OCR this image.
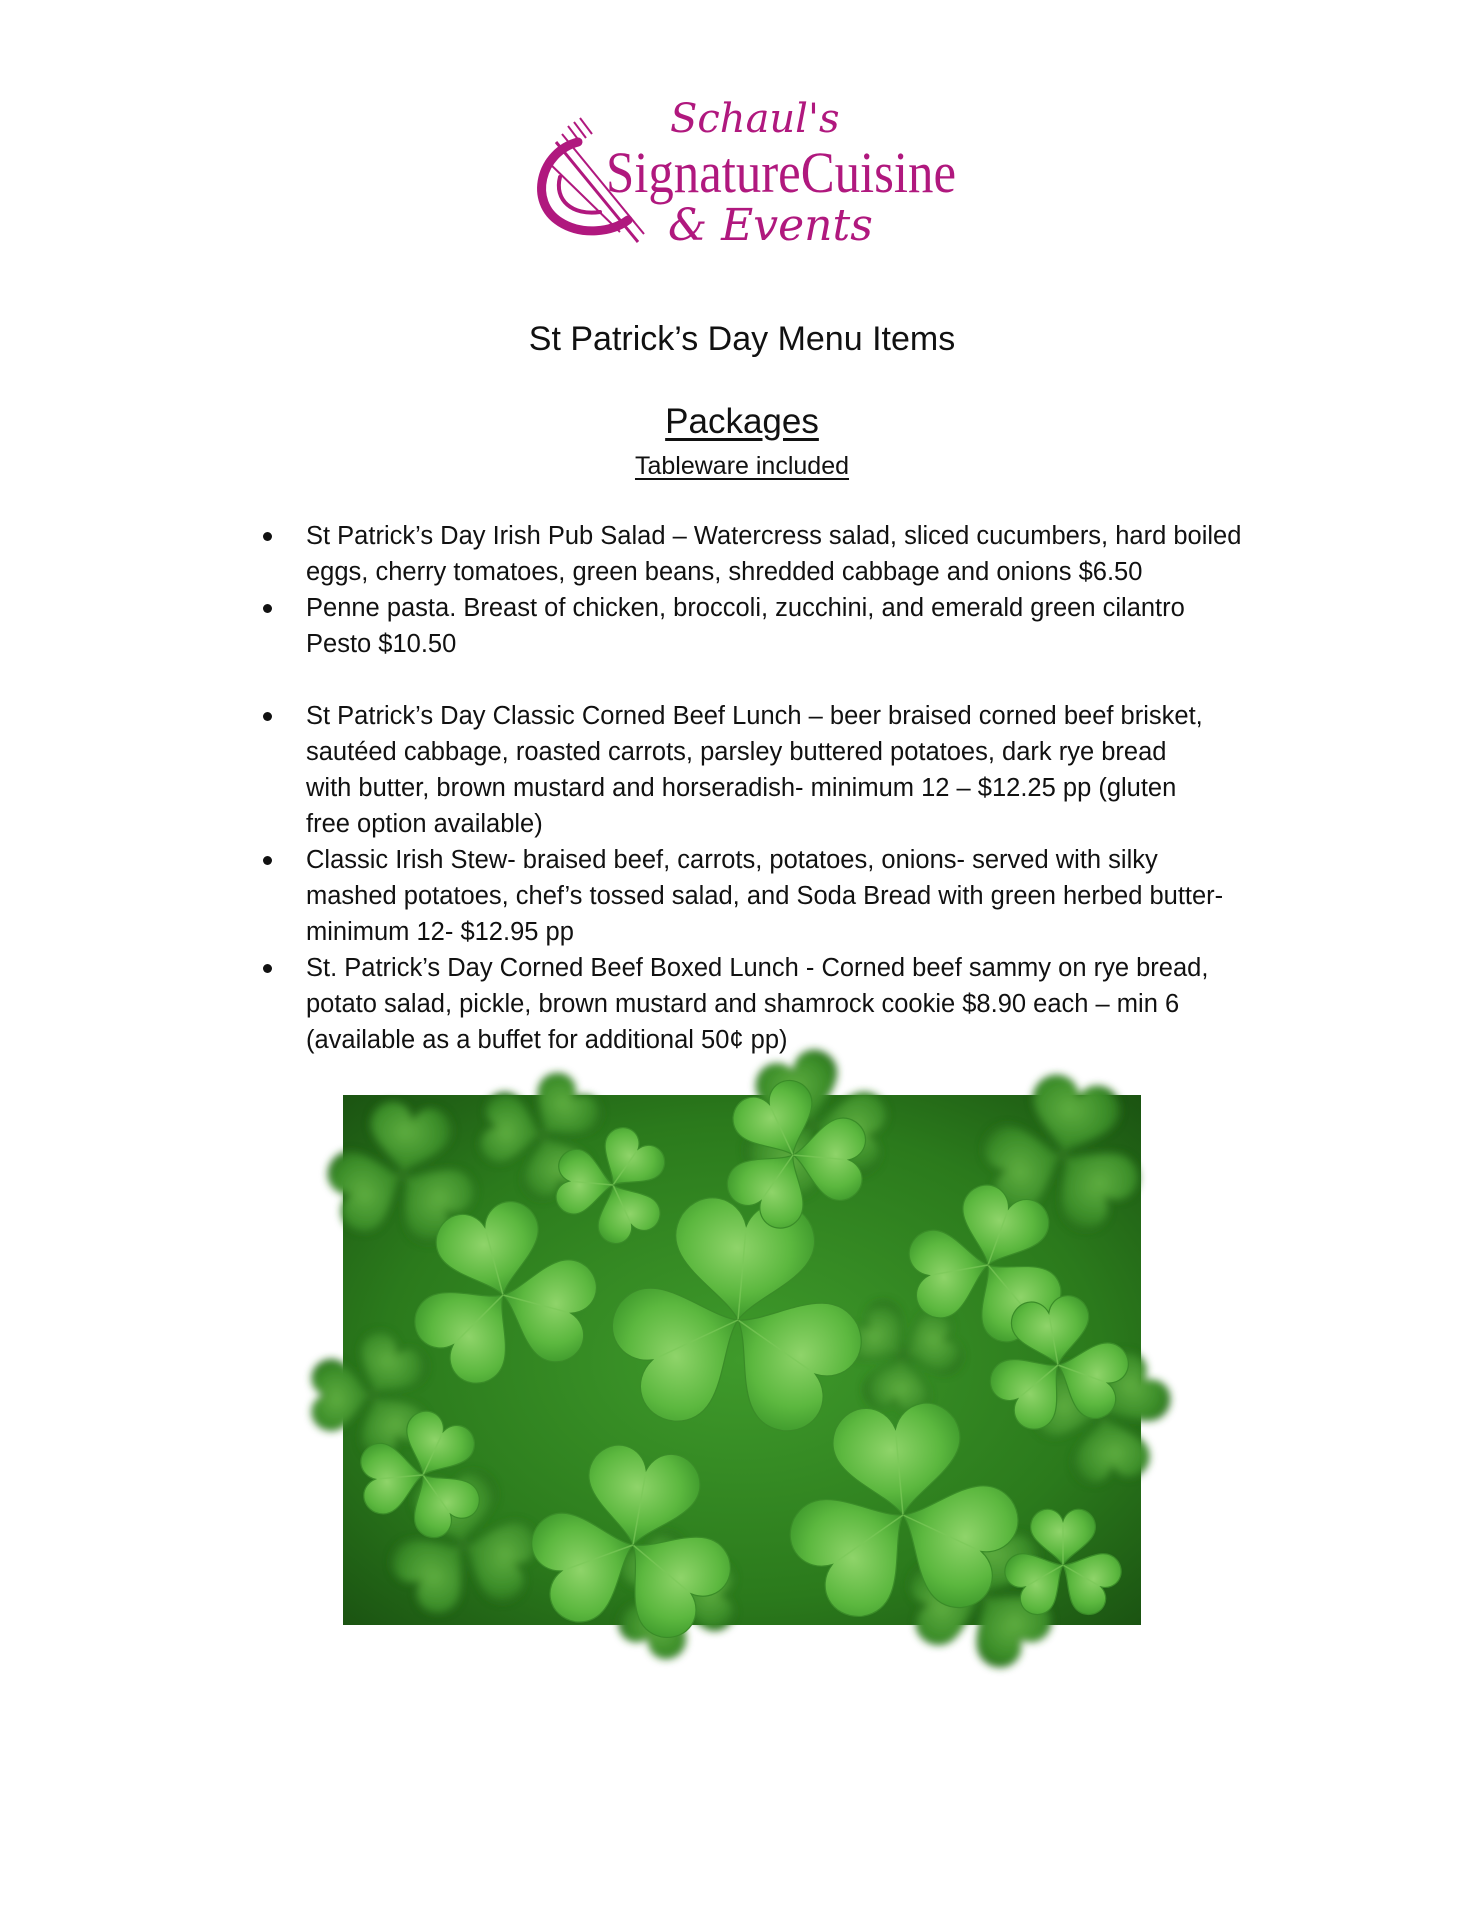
Schaul's
SignatureCuisine
& Events
St Patrick’s Day Menu Items
Packages
Tableware included
St Patrick’s Day Irish Pub Salad – Watercress salad, sliced cucumbers, hard boiled
eggs, cherry tomatoes, green beans, shredded cabbage and onions $6.50
Penne pasta. Breast of chicken, broccoli, zucchini, and emerald green cilantro
Pesto $10.50
St Patrick’s Day Classic Corned Beef Lunch – beer braised corned beef brisket,
sautéed cabbage, roasted carrots, parsley buttered potatoes, dark rye bread
with butter, brown mustard and horseradish- minimum 12 – $12.25 pp (gluten
free option available)
Classic Irish Stew- braised beef, carrots, potatoes, onions- served with silky
mashed potatoes, chef’s tossed salad, and Soda Bread with green herbed butter-
minimum 12- $12.95 pp
St. Patrick’s Day Corned Beef Boxed Lunch - Corned beef sammy on rye bread,
potato salad, pickle, brown mustard and shamrock cookie $8.90 each – min 6
(available as a buffet for additional 50¢ pp)
